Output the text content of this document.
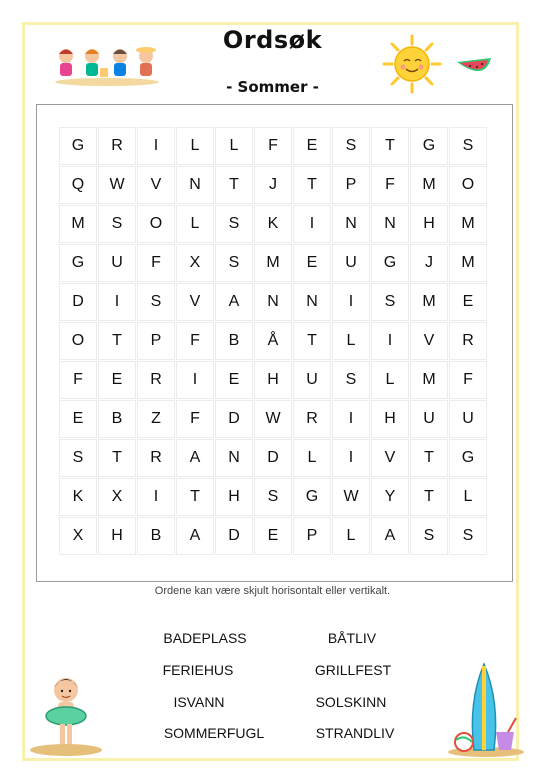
Ordsøk
- Sommer -
G	R	I	L	L	F	E	S	T	G	S
Q	W	V	N	T	J	T	P	F	M	O
M	S	O	L	S	K	I	N	N	H	M
G	U	F	X	S	M	E	U	G	J	M
D	I	S	V	A	N	N	I	S	M	E
O	T	P	F	B	Å	T	L	I	V	R
F	E	R	I	E	H	U	S	L	M	F
E	B	Z	F	D	W	R	I	H	U	U
S	T	R	A	N	D	L	I	V	T	G
K	X	I	T	H	S	G	W	Y	T	L
X	H	B	A	D	E	P	L	A	S	S
Ordene kan være skjult horisontalt eller vertikalt.
BADEPLASS	BÅTLIV
FERIEHUS	GRILLFEST
ISVANN	SOLSKINN
SOMMERFUGL	STRANDLIV
